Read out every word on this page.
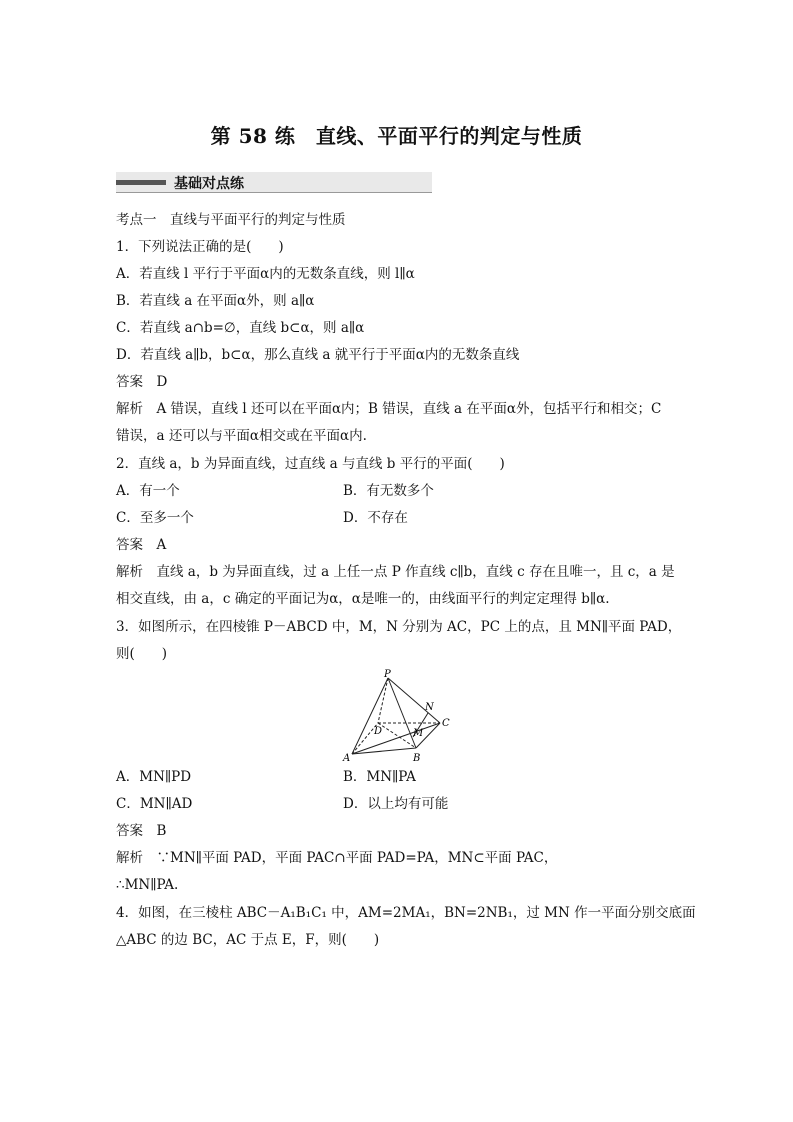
第 58 练　直线、平面平行的判定与性质
基础对点练
考点一　直线与平面平行的判定与性质
1．下列说法正确的是(　　)
A．若直线 l 平行于平面α内的无数条直线，则 l∥α
B．若直线 a 在平面α外，则 a∥α
C．若直线 a∩b=∅，直线 b⊂α，则 a∥α
D．若直线 a∥b，b⊂α，那么直线 a 就平行于平面α内的无数条直线
答案　D
解析　A 错误，直线 l 还可以在平面α内；B 错误，直线 a 在平面α外，包括平行和相交；C
错误，a 还可以与平面α相交或在平面α内.
2．直线 a，b 为异面直线，过直线 a 与直线 b 平行的平面(　　)
A．有一个	B．有无数多个
C．至多一个	D．不存在
答案　A
解析　直线 a，b 为异面直线，过 a 上任一点 P 作直线 c∥b，直线 c 存在且唯一，且 c，a 是
相交直线，由 a，c 确定的平面记为α，α是唯一的，由线面平行的判定定理得 b∥α.
3．如图所示，在四棱锥 P－ABCD 中，M，N 分别为 AC，PC 上的点，且 MN∥平面 PAD，
则(　　)
P
N
C
D	M
A	B
A．MN∥PD	B．MN∥PA
C．MN∥AD	D．以上均有可能
答案　B
解析　∵MN∥平面 PAD，平面 PAC∩平面 PAD=PA，MN⊂平面 PAC，
∴MN∥PA.
4．如图，在三棱柱 ABC－A₁B₁C₁ 中，AM=2MA₁，BN=2NB₁，过 MN 作一平面分别交底面
△ABC 的边 BC，AC 于点 E，F，则(　　)
